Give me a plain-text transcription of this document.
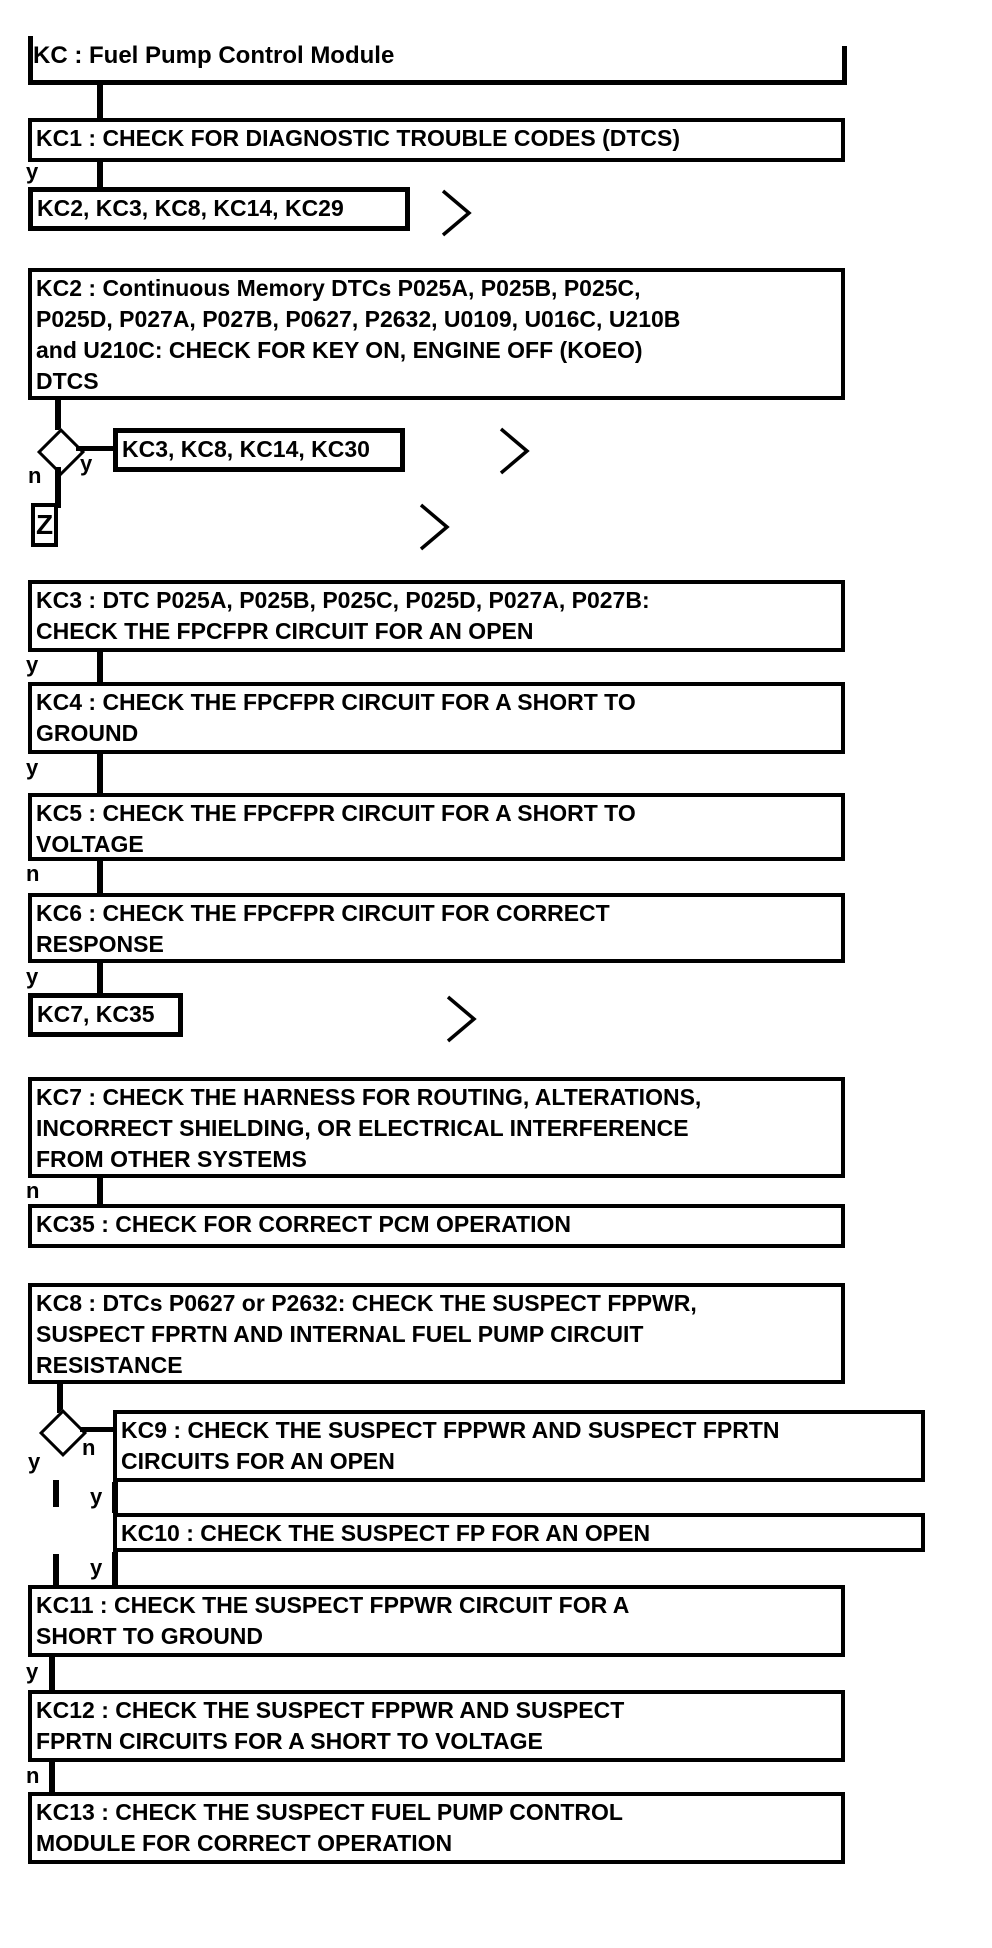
KC : Fuel Pump Control Module
KC1 : CHECK FOR DIAGNOSTIC TROUBLE CODES (DTCS)
y
KC2, KC3, KC8, KC14, KC29
KC2 : Continuous Memory DTCs P025A, P025B, P025C,
P025D, P027A, P027B, P0627, P2632, U0109, U016C, U210B
and U210C: CHECK FOR KEY ON, ENGINE OFF (KOEO)
DTCS
n y
KC3, KC8, KC14, KC30
Z
KC3 : DTC P025A, P025B, P025C, P025D, P027A, P027B:
CHECK THE FPCFPR CIRCUIT FOR AN OPEN
y
KC4 : CHECK THE FPCFPR CIRCUIT FOR A SHORT TO
GROUND
y
KC5 : CHECK THE FPCFPR CIRCUIT FOR A SHORT TO
VOLTAGE
n
KC6 : CHECK THE FPCFPR CIRCUIT FOR CORRECT
RESPONSE
y
KC7, KC35
KC7 : CHECK THE HARNESS FOR ROUTING, ALTERATIONS,
INCORRECT SHIELDING, OR ELECTRICAL INTERFERENCE
FROM OTHER SYSTEMS
n
KC35 : CHECK FOR CORRECT PCM OPERATION
KC8 : DTCs P0627 or P2632: CHECK THE SUSPECT FPPWR,
SUSPECT FPRTN AND INTERNAL FUEL PUMP CIRCUIT
RESISTANCE
n
y
KC9 : CHECK THE SUSPECT FPPWR AND SUSPECT FPRTN
CIRCUITS FOR AN OPEN
y
KC10 : CHECK THE SUSPECT FP FOR AN OPEN
y
KC11 : CHECK THE SUSPECT FPPWR CIRCUIT FOR A
SHORT TO GROUND
y
KC12 : CHECK THE SUSPECT FPPWR AND SUSPECT
FPRTN CIRCUITS FOR A SHORT TO VOLTAGE
n
KC13 : CHECK THE SUSPECT FUEL PUMP CONTROL
MODULE FOR CORRECT OPERATION
